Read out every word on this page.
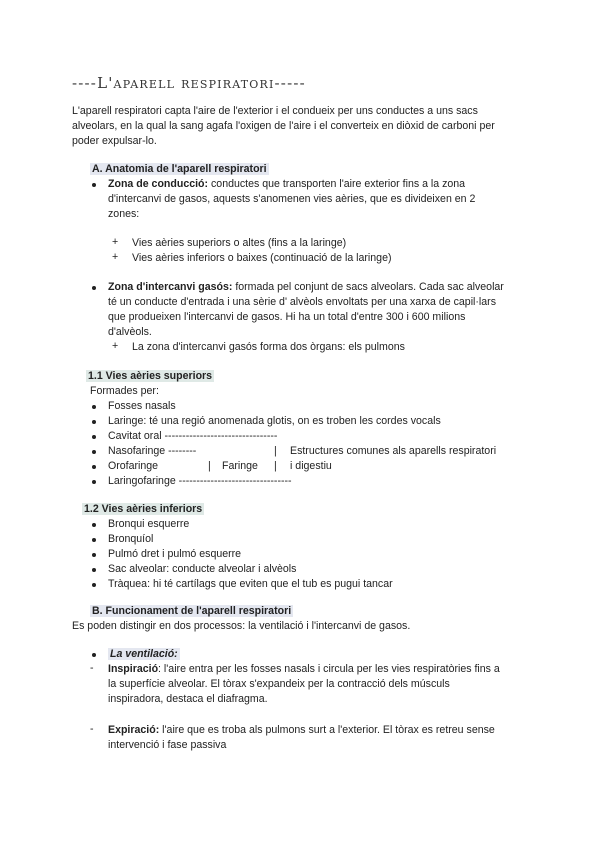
----L'aparell respiratori-----
L'aparell respiratori capta l'aire de l'exterior i el condueix per uns conductes a uns sacs
alveolars, en la qual la sang agafa l'oxigen de l'aire i el converteix en diòxid de carboni per
poder expulsar-lo.
A. Anatomia de l'aparell respiratori
Zona de conducció: conductes que transporten l'aire exterior fins a la zona
d'intercanvi de gasos, aquests s'anomenen vies aèries, que es divideixen en 2
zones:
+ Vies aèries superiors o altes (fins a la laringe)
+ Vies aèries inferiors o baixes (continuació de la laringe)
Zona d'intercanvi gasós: formada pel conjunt de sacs alveolars. Cada sac alveolar
té un conducte d'entrada i una sèrie d' alvèols envoltats per una xarxa de capil·lars
que produeixen l'intercanvi de gasos. Hi ha un total d'entre 300 i 600 milions
d'alvèols.
+ La zona d'intercanvi gasós forma dos òrgans: els pulmons
1.1 Vies aèries superiors
Formades per:
Fosses nasals
Laringe: té una regió anomenada glotis, on es troben les cordes vocals
Cavitat oral --------------------------------
Nasofaringe --------	| Estructures comunes als aparells respiratori
Orofaringe	| Faringe | i digestiu
Laringofaringe --------------------------------
1.2 Vies aèries inferiors
Bronqui esquerre
Bronquíol
Pulmó dret i pulmó esquerre
Sac alveolar: conducte alveolar i alvèols
Tràquea: hi té cartílags que eviten que el tub es pugui tancar
B. Funcionament de l'aparell respiratori
Es poden distingir en dos processos: la ventilació i l'intercanvi de gasos.
La ventilació:
- Inspiració: l'aire entra per les fosses nasals i circula per les vies respiratòries fins a
la superfície alveolar. El tòrax s'expandeix per la contracció dels músculs
inspiradora, destaca el diafragma.
- Expiració: l'aire que es troba als pulmons surt a l'exterior. El tòrax es retreu sense
intervenció i fase passiva
